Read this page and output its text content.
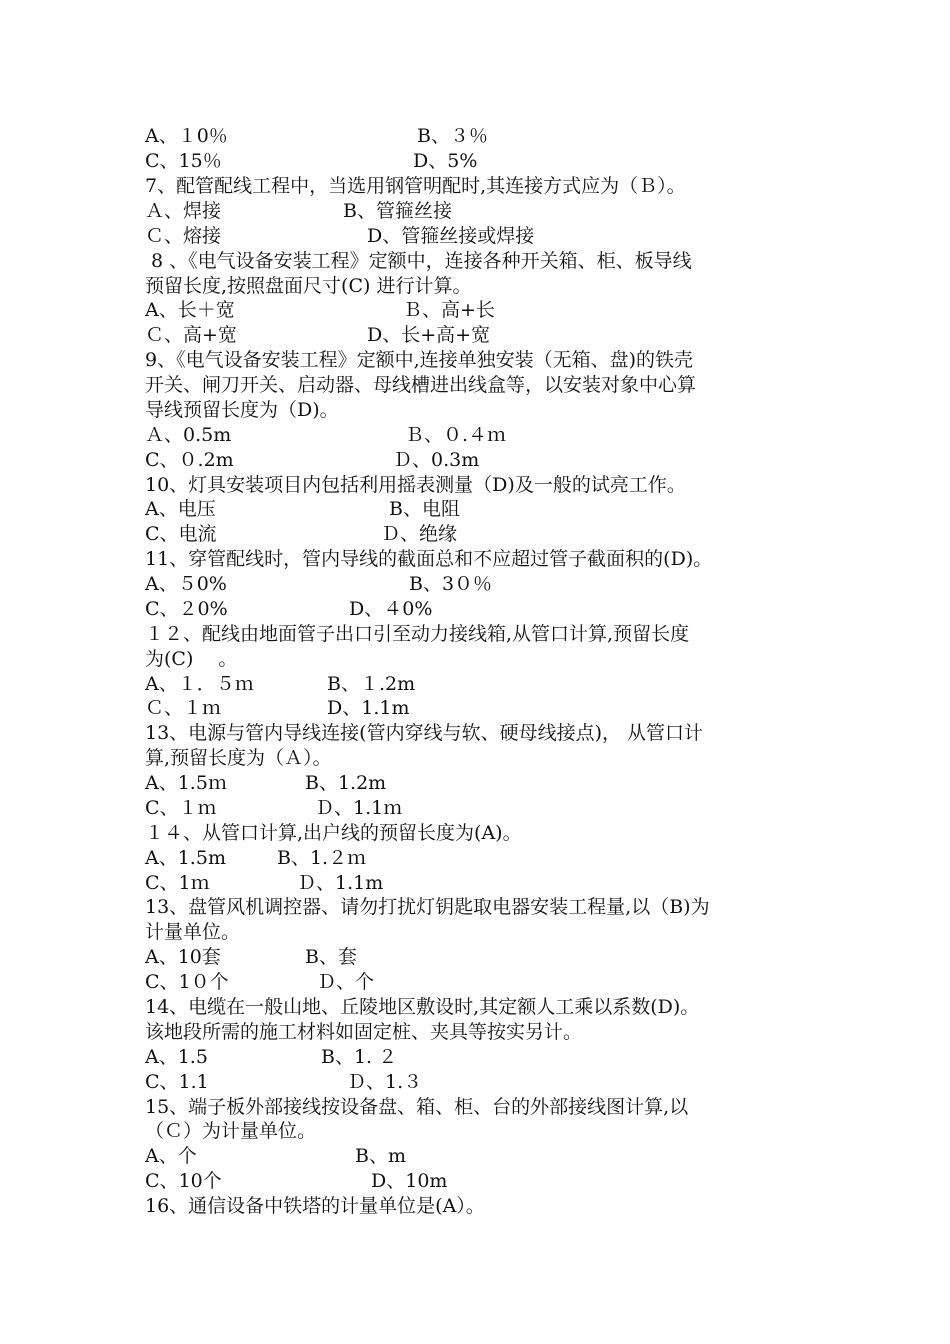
A、１0％	B、３％
C、15％	D、5%
7、配管配线工程中，当选用钢管明配时,其连接方式应为（Ｂ）。
Ａ、焊接	B、管箍丝接
Ｃ、熔接	D、管箍丝接或焊接
8 、《电气设备安装工程》定额中，连接各种开关箱、柜、板导线
预留长度,按照盘面尺寸(C) 进行计算。
A、长＋宽	Ｂ、高+长
Ｃ、高+宽	D、长+高+宽
9、《电气设备安装工程》定额中,连接单独安装（无箱、盘)的铁壳
开关、闸刀开关、启动器、母线槽进出线盒等，以安装对象中心算
导线预留长度为（D)。
Ａ、0.5m	Ｂ、０.４ｍ
C、０.2m	Ｄ、0.3m
10、灯具安装项目内包括利用摇表测量（D)及一般的试亮工作。
A、电压	B、电阻
C、电流	Ｄ、绝缘
11、穿管配线时，管内导线的截面总和不应超过管子截面积的(D)。
A、５0%	B、3０％
C、２0%	D、４0%
１２、配线由地面管子出口引至动力接线箱,从管口计算,预留长度
为(C)　 。
A、１．５ｍ	B、１.2m
Ｃ、１ｍ	D、1.1m
13、电源与管内导线连接(管内穿线与软、硬母线接点)， 从管口计
算,预留长度为（Ａ）。
A、1.5ｍ	B、1.2m
C、１ｍ	Ｄ、1.1ｍ
１４、从管口计算,出户线的预留长度为(A)。
A、1.5m	B、1.２ｍ
C、1ｍ	Ｄ、1.1m
13、盘管风机调控器、请勿打扰灯钥匙取电器安装工程量,以（B)为
计量单位。
A、10套	B、套
C、1０个	Ｄ、个
14、电缆在一般山地、丘陵地区敷设时,其定额人工乘以系数(D)。
该地段所需的施工材料如固定桩、夹具等按实另计。
A、1.5	B、1. ２
C、1.1	Ｄ、1.３
15、端子板外部接线按设备盘、箱、柜、台的外部接线图计算,以
（Ｃ）为计量单位。
A、个	B、m
C、10个	D、10m
16、通信设备中铁塔的计量单位是(A）。
